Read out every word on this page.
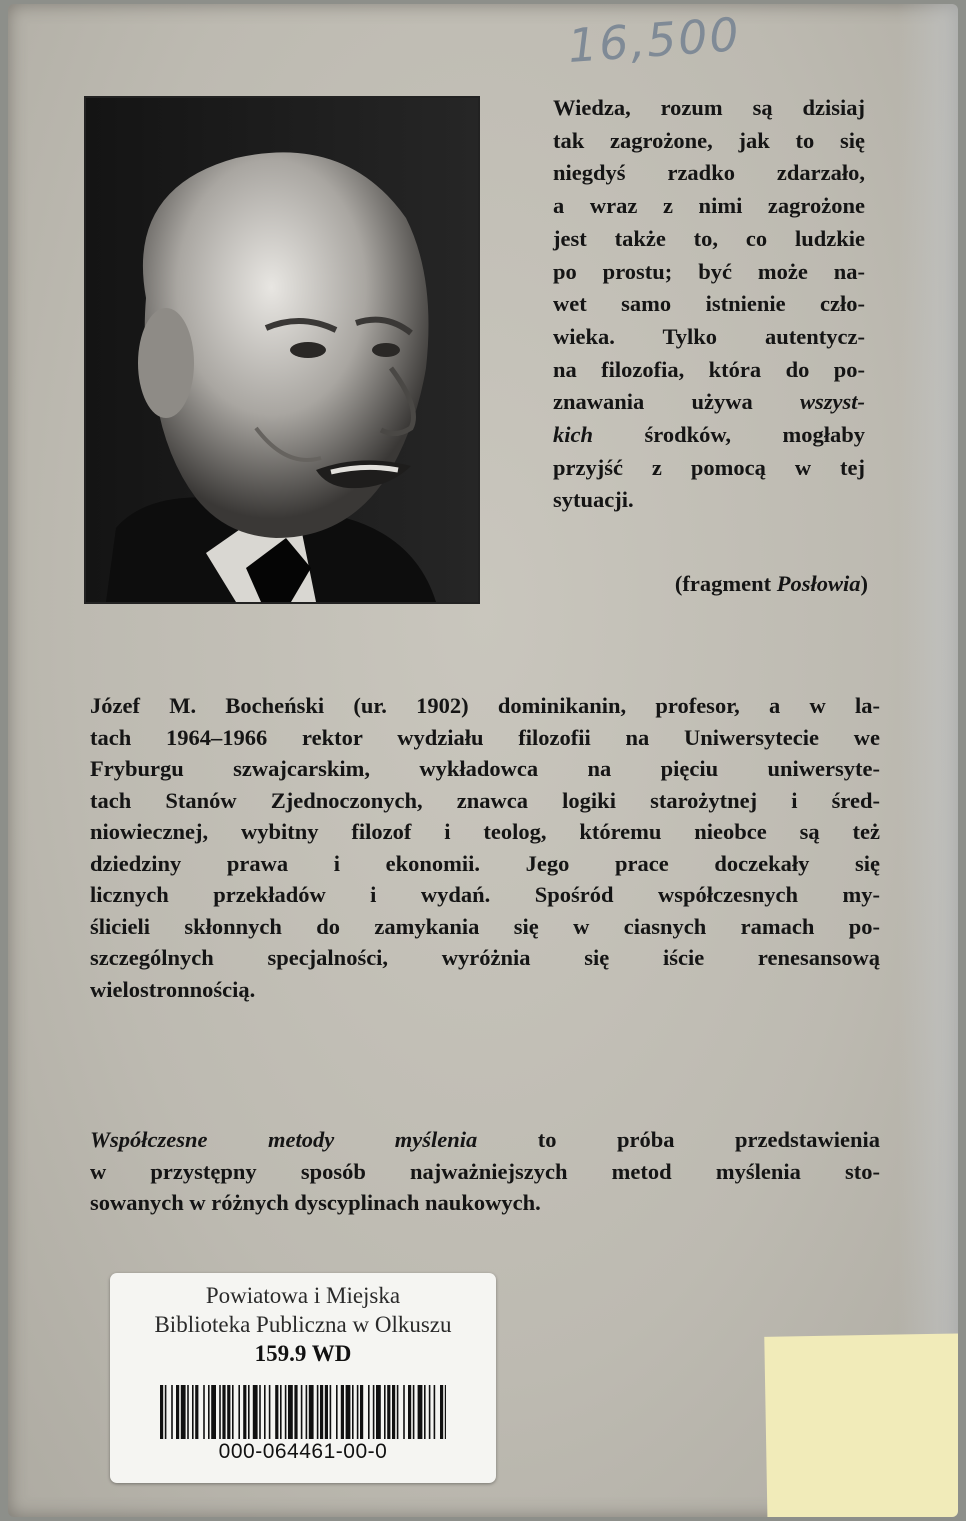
16,500
Wiedza, rozum są dzisiaj
tak zagrożone, jak to się
niegdyś rzadko zdarzało,
a wraz z nimi zagrożone
jest także to, co ludzkie
po prostu; być może na-
wet samo istnienie czło-
wieka. Tylko autentycz-
na filozofia, która do po-
znawania używa wszyst-
kich środków, mogłaby
przyjść z pomocą w tej
sytuacji.
(fragment Posłowia)
Józef M. Bocheński (ur. 1902) dominikanin, profesor, a w la-
tach 1964–1966 rektor wydziału filozofii na Uniwersytecie we
Fryburgu szwajcarskim, wykładowca na pięciu uniwersyte-
tach Stanów Zjednoczonych, znawca logiki starożytnej i śred-
niowiecznej, wybitny filozof i teolog, któremu nieobce są też
dziedziny prawa i ekonomii. Jego prace doczekały się
licznych przekładów i wydań. Spośród współczesnych my-
ślicieli skłonnych do zamykania się w ciasnych ramach po-
szczególnych specjalności, wyróżnia się iście renesansową
wielostronnością.
Współczesne metody myślenia	to próba przedstawienia
w przystępny sposób najważniejszych metod myślenia sto-
sowanych w różnych dyscyplinach naukowych.
Powiatowa i Miejska
Biblioteka Publiczna w Olkuszu
159.9 WD
000-064461-00-0
